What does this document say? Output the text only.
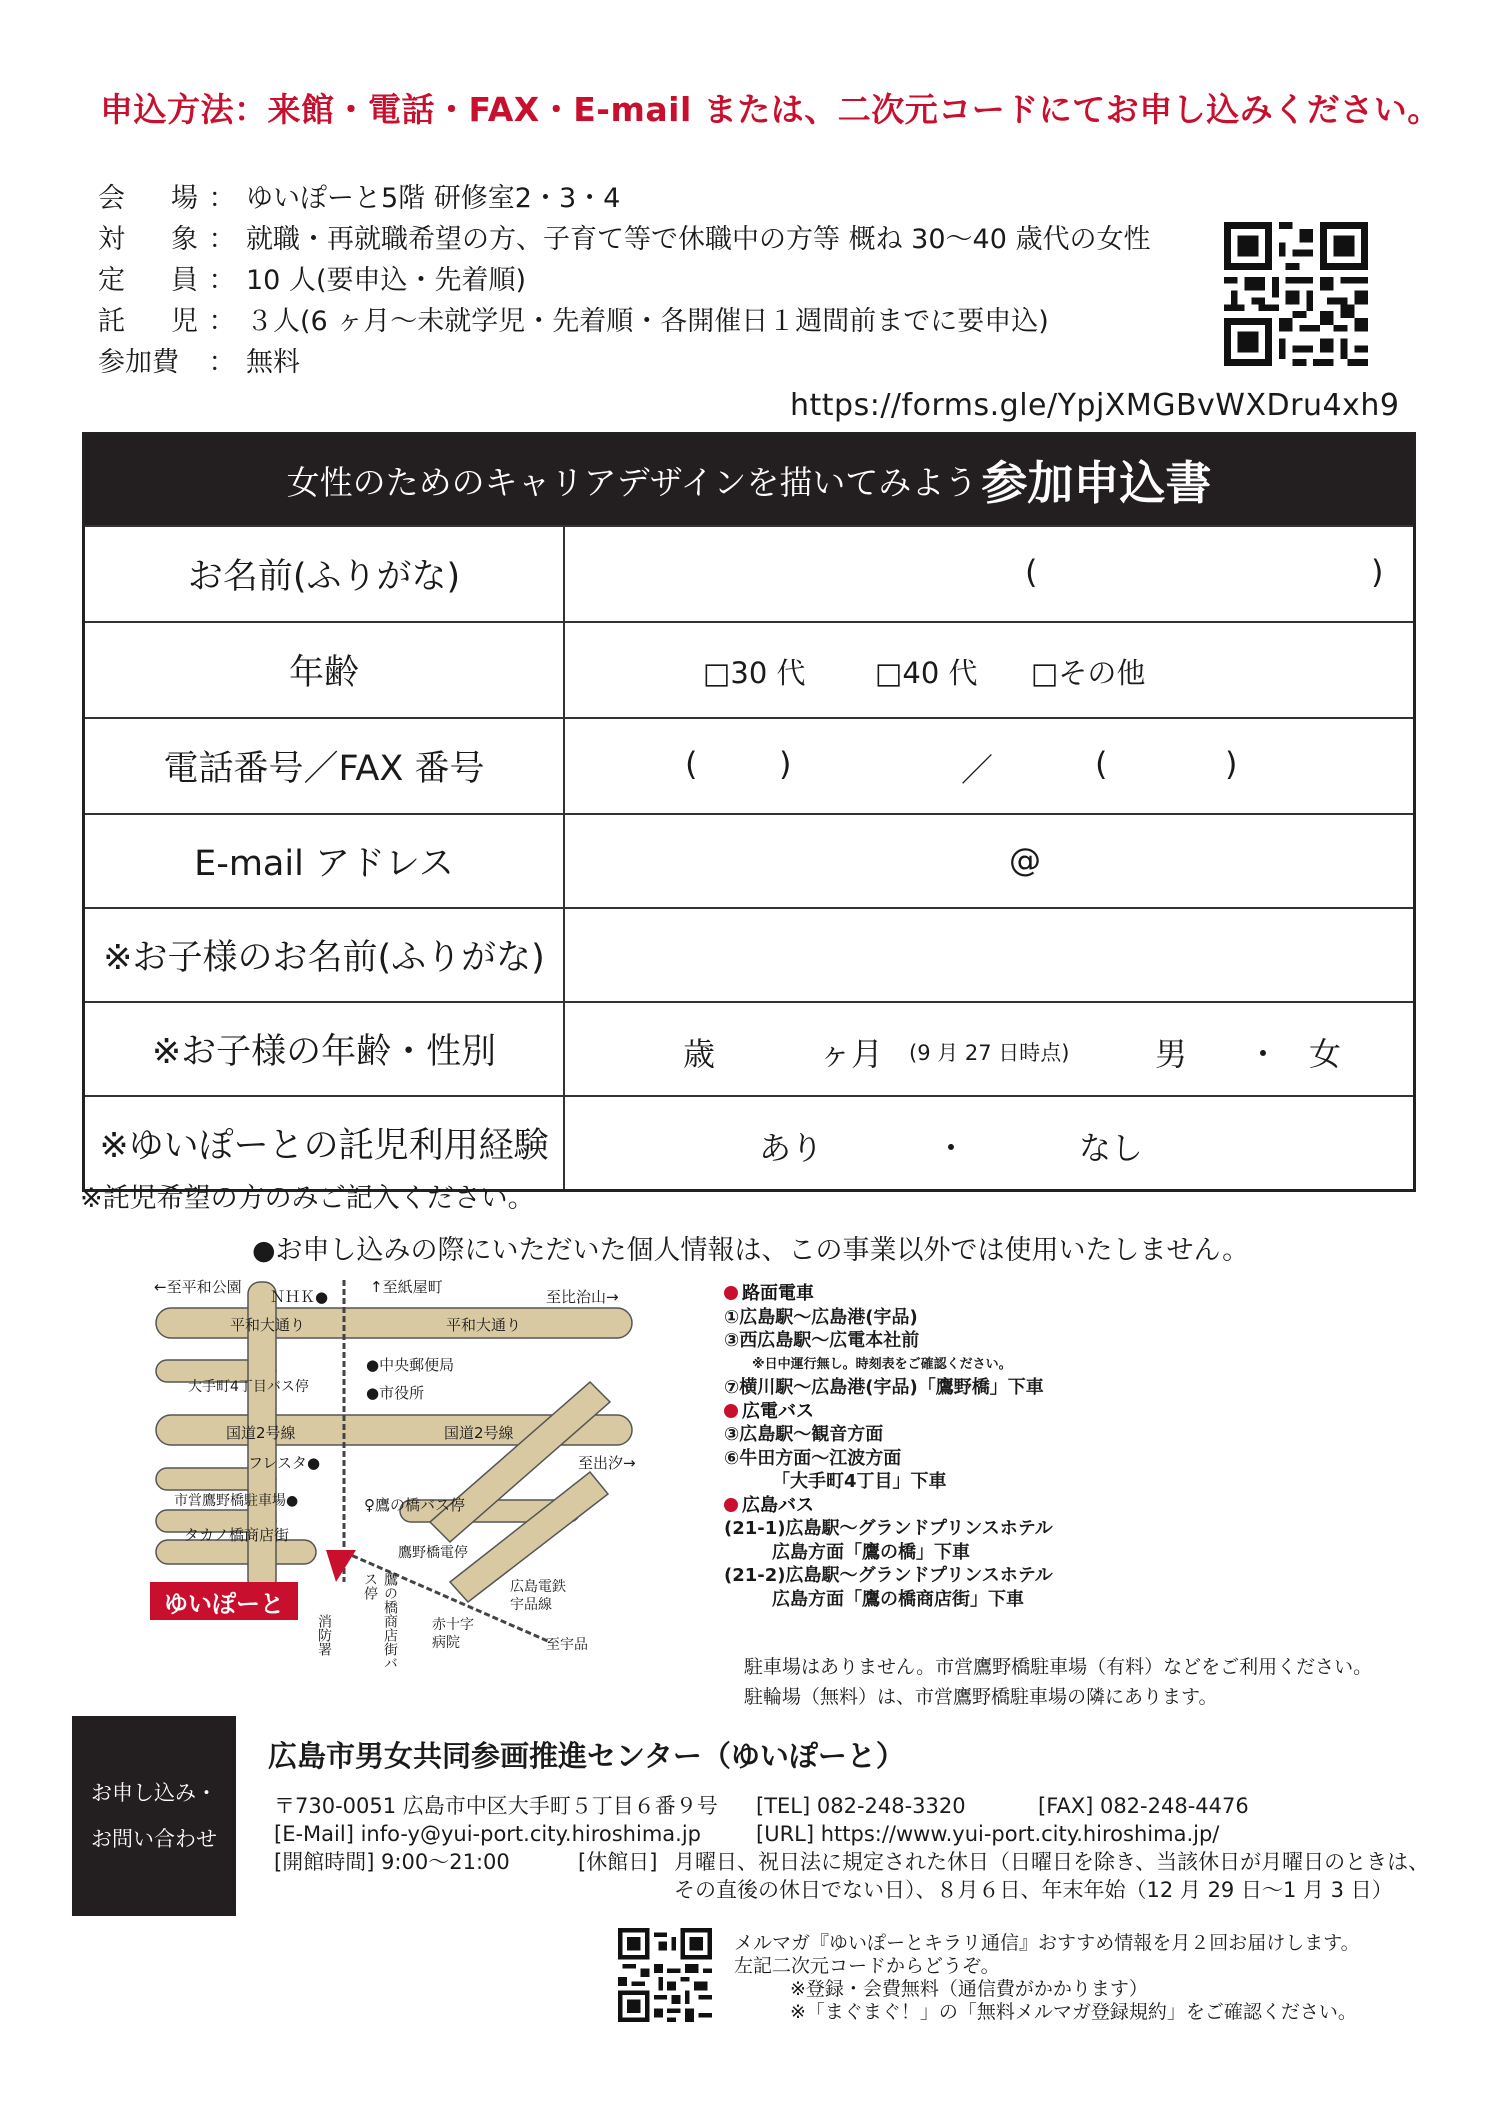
申込方法：来館・電話・FAX・E-mail または、二次元コードにてお申し込みください。
会 場 ： ゆいぽーと5階 研修室2・3・4
対 象 ： 就職・再就職希望の方、子育て等で休職中の方等 概ね 30～40 歳代の女性
定 員 ： 10 人(要申込・先着順)
託 児 ： ３人(6 ヶ月～未就学児・先着順・各開催日１週間前までに要申込)
参加費	： 無料
https://forms.gle/YpjXMGBvWXDru4xh9
女性のためのキャリアデザインを描いてみよう 参加申込書
お名前(ふりがな)	(	)
年齢	□30 代 □40 代 □その他
電話番号／FAX 番号	(	)	／	(	)
E-mail アドレス	@
※お子様のお名前(ふりがな)
※お子様の年齢・性別	歳	ヶ月 (9 月 27 日時点)	男 ・ 女
※ゆいぽーとの託児利用経験	あり	・	なし
※託児希望の方のみご記入ください。
●お申し込みの際にいただいた個人情報は、この事業以外では使用いたしません。
←至平和公園
ＮＨＫ●
↑至紙屋町
至比治山→
平和大通り	平和大通り
●中央郵便局
●市役所
大手町4丁目バス停
国道2号線	国道2号線
フレスタ●	至出汐→
市営鷹野橋駐車場●	♀鷹の橋バス停
タカノ橋商店街
鷹野橋電停
ゆいぽーと
消防署	鷹の橋商店街バス停
赤十字病院
広島電鉄宇品線
至宇品
路面電車
①広島駅～広島港(宇品)
③西広島駅～広電本社前
※日中運行無し。時刻表をご確認ください。
⑦横川駅～広島港(宇品)「鷹野橋」下車
広電バス
③広島駅～観音方面
⑥牛田方面～江波方面
「大手町4丁目」下車
広島バス
(21-1)広島駅～グランドプリンスホテル
広島方面「鷹の橋」下車
(21-2)広島駅～グランドプリンスホテル
広島方面「鷹の橋商店街」下車
駐車場はありません。市営鷹野橋駐車場（有料）などをご利用ください。
駐輪場（無料）は、市営鷹野橋駐車場の隣にあります。
お申し込み・
お問い合わせ
広島市男女共同参画推進センター（ゆいぽーと）
〒730-0051 広島市中区大手町５丁目６番９号	[TEL] 082-248-3320	[FAX] 082-248-4476
[E-Mail] info-y@yui-port.city.hiroshima.jp	[URL] https://www.yui-port.city.hiroshima.jp/
[開館時間] 9:00～21:00	[休館日] 月曜日、祝日法に規定された休日（日曜日を除き、当該休日が月曜日のときは、
その直後の休日でない日）、８月６日、年末年始（12 月 29 日～1 月 3 日）
メルマガ『ゆいぽーとキラリ通信』おすすめ情報を月２回お届けします。
左記二次元コードからどうぞ。
※登録・会費無料（通信費がかかります）
※「まぐまぐ！」の「無料メルマガ登録規約」をご確認ください。
